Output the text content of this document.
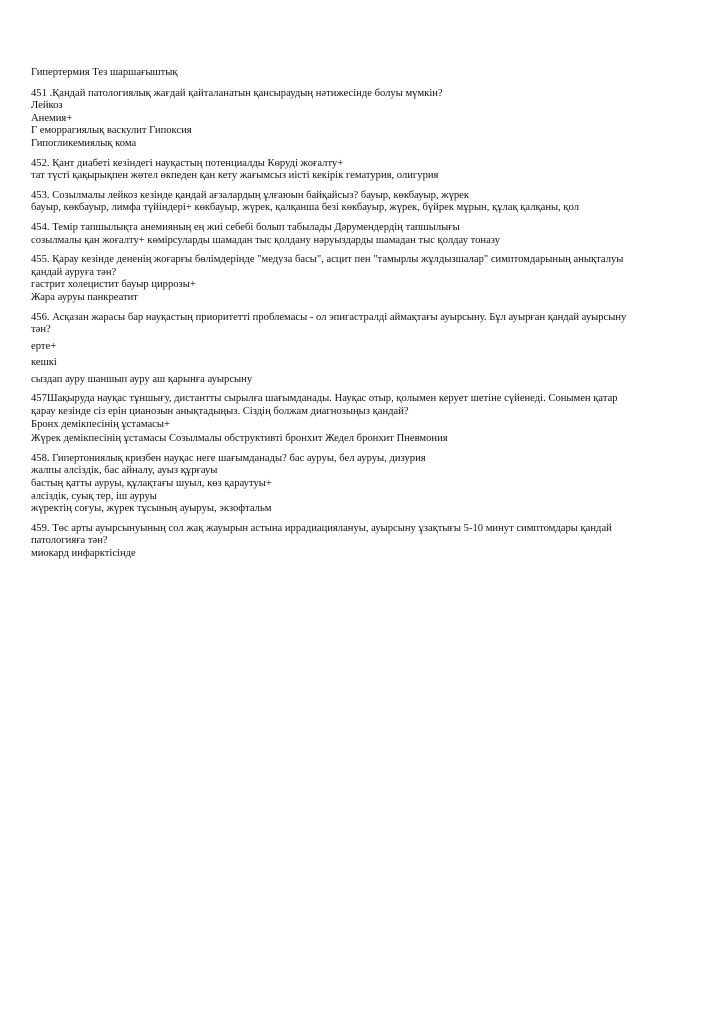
Гипертермия Тез шаршағыштық
451 .Қандай патологиялық жағдай қайталанатын қансыраудың нәтижесінде болуы мүмкін?
Лейкоз
Анемия+
Г еморрагиялық васкулит Гипоксия
Гипогликемиялық кома
452. Қант диабеті кезіндегі науқастың потенциалды Көруді жоғалту+
тат түсті қақырықпен жөтел өкпеден қан кету жағымсыз иісті кекірік гематурия, олигурия
453. Созылмалы лейкоз кезінде қандай ағзалардың ұлғаюын байқайсыз? бауыр, көкбауыр, жүрек
бауыр, көкбауыр, лимфа түйіндері+ көкбауыр, жүрек, қалқанша безі көкбауыр, жүрек, бүйрек мұрын, құлақ қалқаны, қол
454. Темір тапшылықта анемияның ең жиі себебі болып табылады Дәрумендердің тапшылығы
созылмалы қан жоғалту+ көмірсуларды шамадан тыс қолдану нәруыздарды шамадан тыс қолдау тоназу
455. Қарау кезінде дененің жоғарғы бөлімдерінде "медуза басы", асцит пен "тамырлы жұлдызшалар" симптомдарының анықталуы
қандай ауруға тән?
гастрит холецистит бауыр циррозы+
Жара ауруы панкреатит
456. Асқазан жарасы бар науқастың приоритетті проблемасы - ол эпигастралді аймақтағы ауырсыну. Бұл ауырған қандай ауырсыну
тән?
ерте+
кешкі
сыздап ауру шаншып ауру аш қарынға ауырсыну
457Шақыруда науқас тұншығу, дистантты сырылға шағымданады. Науқас отыр, қолымен керует шетіне сүйенеді. Сонымен қатар
қарау кезінде сіз ерін цианозын анықтадыңыз. Сіздің болжам диагнозыңыз қандай?
Бронх демікпесінің ұстамасы+
Жүрек демікпесінің ұстамасы Созылмалы обструктивті бронхит Жедел бронхит Пневмония
458. Гипертониялық кризбен науқас неге шағымданады? бас ауруы, бел ауруы, дизурия
жалпы әлсіздік, бас айналу, ауыз құрғауы
бастың қатты ауруы, құлақтағы шуыл, көз қараутуы+
әлсіздік, суық тер, іш ауруы
жүректің соғуы, жүрек тұсының ауыруы, экзофтальм
459. Төс арты ауырсынуының сол жақ жауырын астына иррадиациялануы, ауырсыну ұзақтығы 5-10 минут симптомдары қандай
патологияға тән?
миокард инфарктісінде
